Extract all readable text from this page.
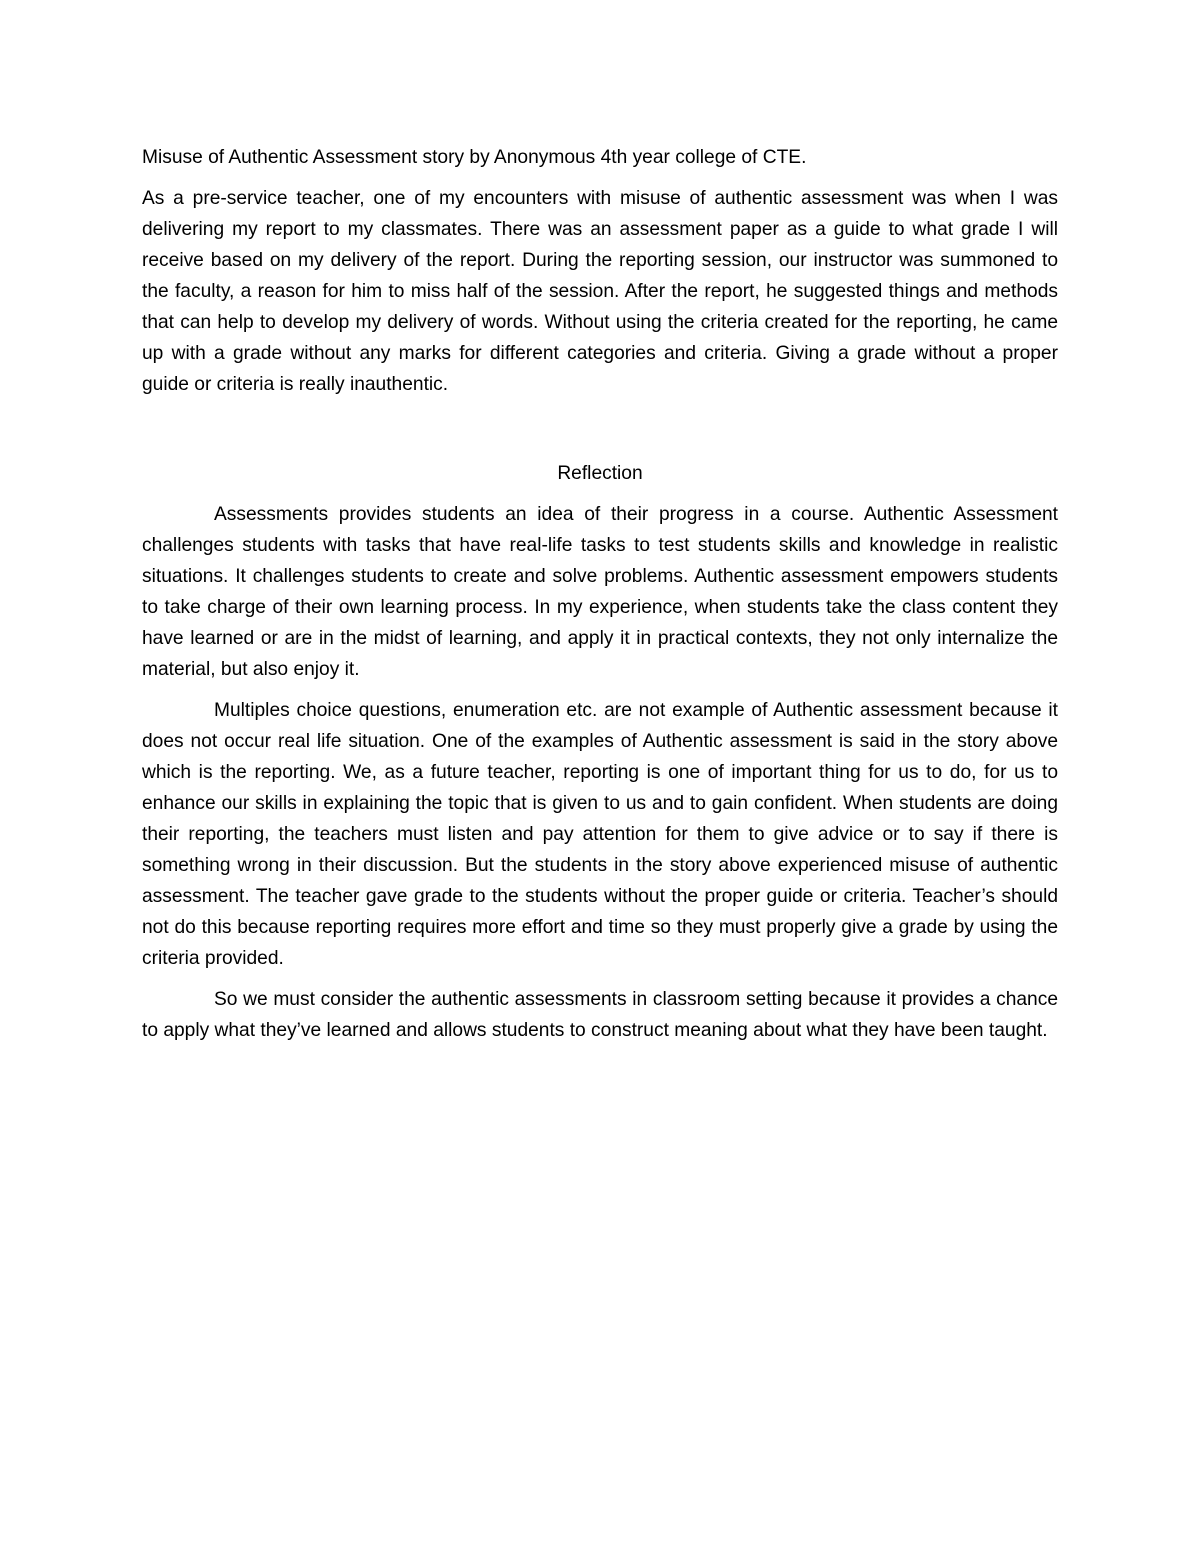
Misuse of Authentic Assessment story by Anonymous 4th year college of CTE.

As a pre-service teacher, one of my encounters with misuse of authentic assessment was when I was delivering my report to my classmates. There was an assessment paper as a guide to what grade I will receive based on my delivery of the report. During the reporting session, our instructor was summoned to the faculty, a reason for him to miss half of the session. After the report, he suggested things and methods that can help to develop my delivery of words. Without using the criteria created for the reporting, he came up with a grade without any marks for different categories and criteria. Giving a grade without a proper guide or criteria is really inauthentic.

Reflection

Assessments provides students an idea of their progress in a course. Authentic Assessment challenges students with tasks that have real-life tasks to test students skills and knowledge in realistic situations. It challenges students to create and solve problems. Authentic assessment empowers students to take charge of their own learning process. In my experience, when students take the class content they have learned or are in the midst of learning, and apply it in practical contexts, they not only internalize the material, but also enjoy it.

Multiples choice questions, enumeration etc. are not example of Authentic assessment because it does not occur real life situation. One of the examples of Authentic assessment is said in the story above which is the reporting. We, as a future teacher, reporting is one of important thing for us to do, for us to enhance our skills in explaining the topic that is given to us and to gain confident. When students are doing their reporting, the teachers must listen and pay attention for them to give advice or to say if there is something wrong in their discussion. But the students in the story above experienced misuse of authentic assessment. The teacher gave grade to the students without the proper guide or criteria. Teacher’s should not do this because reporting requires more effort and time so they must properly give a grade by using the criteria provided.

So we must consider the authentic assessments in classroom setting because it provides a chance to apply what they’ve learned and allows students to construct meaning about what they have been taught.
